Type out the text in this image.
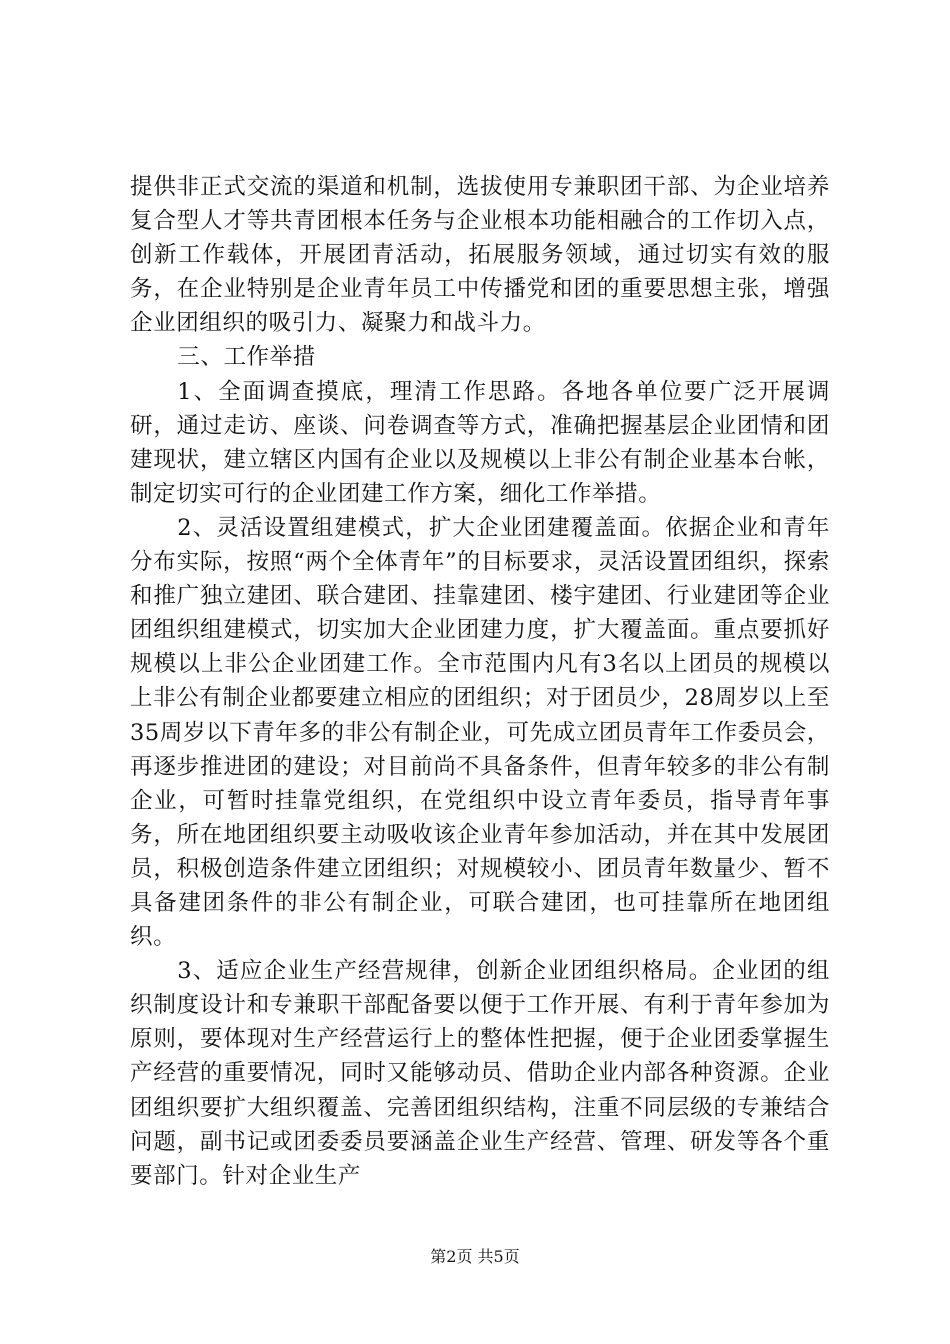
提供非正式交流的渠道和机制，选拔使用专兼职团干部、为企业培养复合型人才等共青团根本任务与企业根本功能相融合的工作切入点，创新工作载体，开展团青活动，拓展服务领域，通过切实有效的服务，在企业特别是企业青年员工中传播党和团的重要思想主张，增强企业团组织的吸引力、凝聚力和战斗力。

三、工作举措

1、全面调查摸底，理清工作思路。各地各单位要广泛开展调研，通过走访、座谈、问卷调查等方式，准确把握基层企业团情和团建现状，建立辖区内国有企业以及规模以上非公有制企业基本台帐，制定切实可行的企业团建工作方案，细化工作举措。

2、灵活设置组建模式，扩大企业团建覆盖面。依据企业和青年分布实际，按照“两个全体青年”的目标要求，灵活设置团组织，探索和推广独立建团、联合建团、挂靠建团、楼宇建团、行业建团等企业团组织组建模式，切实加大企业团建力度，扩大覆盖面。重点要抓好规模以上非公企业团建工作。全市范围内凡有3名以上团员的规模以上非公有制企业都要建立相应的团组织；对于团员少，28周岁以上至35周岁以下青年多的非公有制企业，可先成立团员青年工作委员会，再逐步推进团的建设；对目前尚不具备条件，但青年较多的非公有制企业，可暂时挂靠党组织，在党组织中设立青年委员，指导青年事务，所在地团组织要主动吸收该企业青年参加活动，并在其中发展团员，积极创造条件建立团组织；对规模较小、团员青年数量少、暂不具备建团条件的非公有制企业，可联合建团，也可挂靠所在地团组织。

3、适应企业生产经营规律，创新企业团组织格局。企业团的组织制度设计和专兼职干部配备要以便于工作开展、有利于青年参加为原则，要体现对生产经营运行上的整体性把握，便于企业团委掌握生产经营的重要情况，同时又能够动员、借助企业内部各种资源。企业团组织要扩大组织覆盖、完善团组织结构，注重不同层级的专兼结合问题，副书记或团委委员要涵盖企业生产经营、管理、研发等各个重要部门。针对企业生产

第2页 共5页
